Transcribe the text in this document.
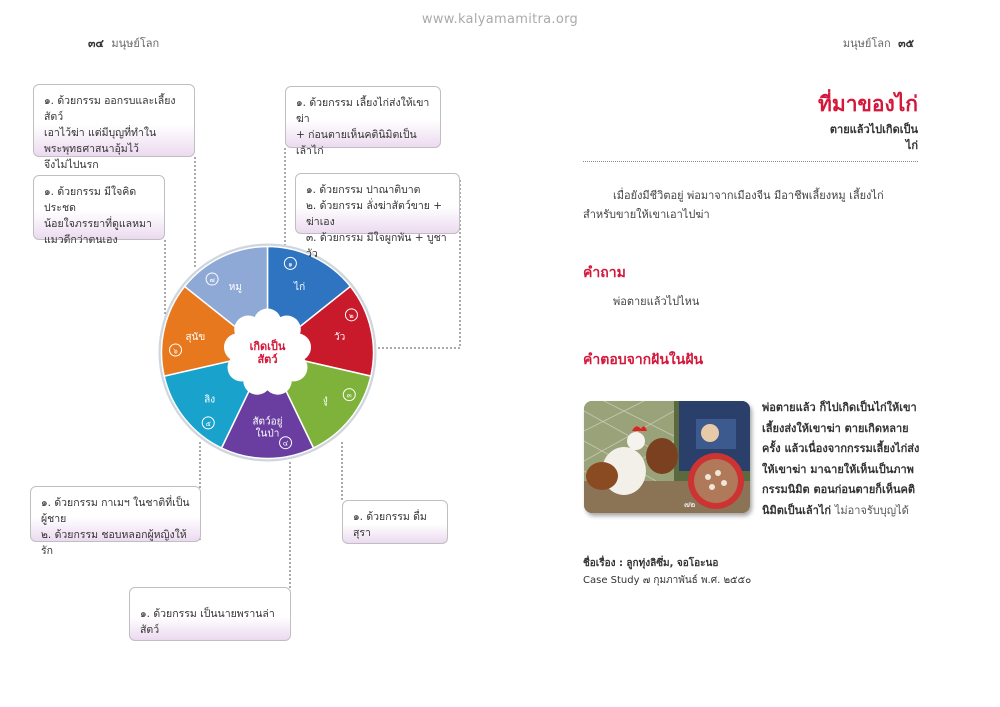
www.kalyamamitra.org
๓๔ มนุษย์โลก	มนุษย์โลก ๓๕
๑
ไก่
๒
วัว
๓
งู
๔
สัตว์อยู่ในป่า
๕
ลิง
๖
สุนัข
๗
หมู
เกิดเป็นสัตว์
๑. ด้วยกรรม ออกรบและเลี้ยงสัตว์
เอาไว้ฆ่า แต่มีบุญที่ทำใน
พระพุทธศาสนาอุ้มไว้
จึงไม่ไปนรก
๑. ด้วยกรรม มีใจคิดประชด
น้อยใจภรรยาที่ดูแลหมา
แมวดีกว่าตนเอง
๑. ด้วยกรรม เลี้ยงไก่ส่งให้เขาฆ่า
+ ก่อนตายเห็นคตินิมิตเป็นเล้าไก่
๑. ด้วยกรรม ปาณาติบาต
๒. ด้วยกรรม ลั่งฆ่าสัตว์ขาย + ฆ่าเอง
๓. ด้วยกรรม มีใจผูกพัน + บูชาวัว
๑. ด้วยกรรม กาเมฯ ในชาติที่เป็นผู้ชาย
๒. ด้วยกรรม ชอบหลอกผู้หญิงให้รัก
๑. ด้วยกรรม ดื่มสุรา
๑. ด้วยกรรม เป็นนายพรานล่าสัตว์
ที่มาของไก่
ตายแล้วไปเกิดเป็น
ไก่
เมื่อยังมีชีวิตอยู่ พ่อมาจากเมืองจีน มีอาชีพเลี้ยงหมู เลี้ยงไก่ สำหรับขายให้เขาเอาไปฆ่า
คำถาม
พ่อตายแล้วไปไหน
คำตอบจากฝันในฝัน
๗๒
พ่อตายแล้ว ก็ไปเกิดเป็นไก่ให้เขาเลี้ยงส่งให้เขาฆ่า ตายเกิดหลายครั้ง แล้วเนื่องจากกรรมเลี้ยงไก่ส่งให้เขาฆ่า มาฉายให้เห็นเป็นภาพกรรมนิมิต ตอนก่อนตายก็เห็นคตินิมิตเป็นเล้าไก่ ไม่อาจรับบุญได้
ชื่อเรื่อง : ลูกทุ่งลิซึ่ม, จอโอะนอ
Case Study ๗ กุมภาพันธ์ พ.ศ. ๒๕๕๐
